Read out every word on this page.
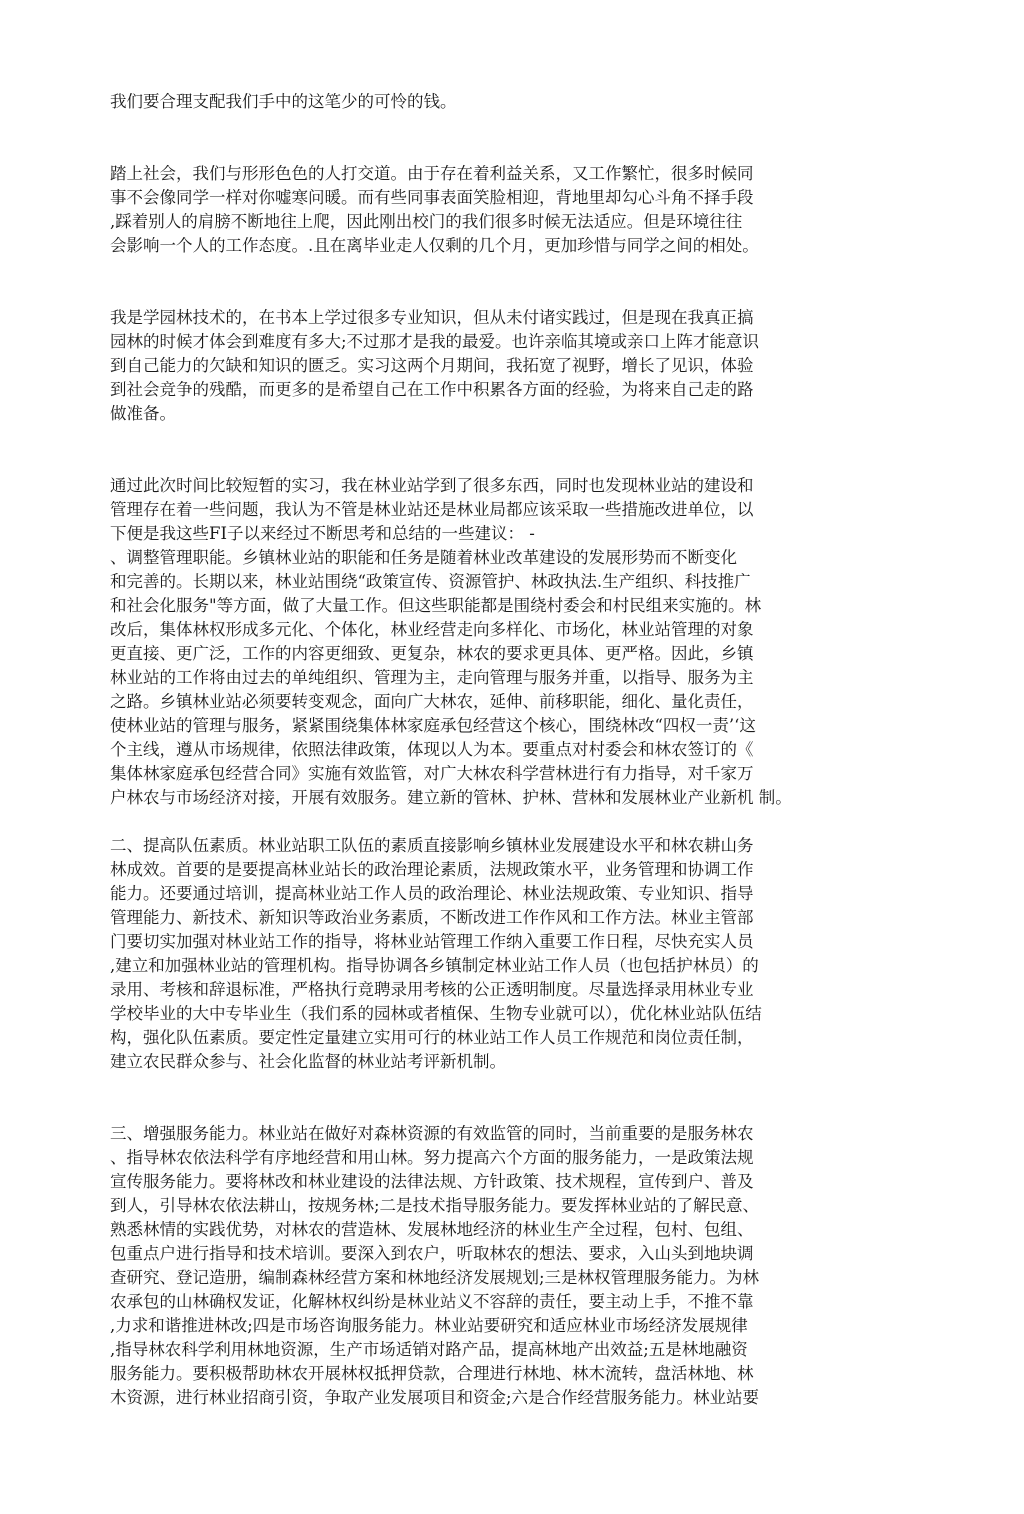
我们要合理支配我们手中的这笔少的可怜的钱。
踏上社会，我们与形形色色的人打交道。由于存在着利益关系，又工作繁忙，很多时候同
事不会像同学一样对你嘘寒问暖。而有些同事表面笑脸相迎，背地里却勾心斗角不择手段
,踩着别人的肩膀不断地往上爬，因此刚出校门的我们很多时候无法适应。但是环境往往
会影响一个人的工作态度。.且在离毕业走人仅剩的几个月，更加珍惜与同学之间的相处。
我是学园林技术的，在书本上学过很多专业知识，但从未付诸实践过，但是现在我真正搞
园林的时候才体会到难度有多大;不过那才是我的最爱。也许亲临其境或亲口上阵才能意识
到自己能力的欠缺和知识的匮乏。实习这两个月期间，我拓宽了视野，增长了见识，体验
到社会竞争的残酷，而更多的是希望自己在工作中积累各方面的经验，为将来自己走的路
做准备。
通过此次时间比较短暂的实习，我在林业站学到了很多东西，同时也发现林业站的建设和
管理存在着一些问题，我认为不管是林业站还是林业局都应该采取一些措施改进单位，以
下便是我这些FI子以来经过不断思考和总结的一些建议： -
、调整管理职能。乡镇林业站的职能和任务是随着林业改革建设的发展形势而不断变化
和完善的。长期以来，林业站围绕“政策宣传、资源管护、林政执法.生产组织、科技推广
和社会化服务"等方面，做了大量工作。但这些职能都是围绕村委会和村民组来实施的。林
改后，集体林权形成多元化、个体化，林业经营走向多样化、市场化，林业站管理的对象
更直接、更广泛，工作的内容更细致、更复杂，林农的要求更具体、更严格。因此，乡镇
林业站的工作将由过去的单纯组织、管理为主，走向管理与服务并重，以指导、服务为主
之路。乡镇林业站必须要转变观念，面向广大林农，延伸、前移职能，细化、量化责任，
使林业站的管理与服务，紧紧围绕集体林家庭承包经营这个核心，围绕林改“四权一责’‘这
个主线，遵从市场规律，依照法律政策，体现以人为本。要重点对村委会和林农签订的《
集体林家庭承包经营合同》实施有效监管，对广大林农科学营林进行有力指导，对千家万
户林农与市场经济对接，开展有效服务。建立新的管林、护林、营林和发展林业产业新机 制。
二、提高队伍素质。林业站职工队伍的素质直接影响乡镇林业发展建设水平和林农耕山务
林成效。首要的是要提高林业站长的政治理论素质，法规政策水平，业务管理和协调工作
能力。还要通过培训，提高林业站工作人员的政治理论、林业法规政策、专业知识、指导
管理能力、新技术、新知识等政治业务素质，不断改进工作作风和工作方法。林业主管部
门要切实加强对林业站工作的指导，将林业站管理工作纳入重要工作日程，尽快充实人员
,建立和加强林业站的管理机构。指导协调各乡镇制定林业站工作人员（也包括护林员）的
录用、考核和辞退标准，严格执行竞聘录用考核的公正透明制度。尽量选择录用林业专业
学校毕业的大中专毕业生（我们系的园林或者植保、生物专业就可以），优化林业站队伍结
构，强化队伍素质。要定性定量建立实用可行的林业站工作人员工作规范和岗位责任制，
建立农民群众参与、社会化监督的林业站考评新机制。
三、增强服务能力。林业站在做好对森林资源的有效监管的同时，当前重要的是服务林农
、指导林农依法科学有序地经营和用山林。努力提高六个方面的服务能力，一是政策法规
宣传服务能力。要将林改和林业建设的法律法规、方针政策、技术规程，宣传到户、普及
到人，引导林农依法耕山，按规务林;二是技术指导服务能力。要发挥林业站的了解民意、
熟悉林情的实践优势，对林农的营造林、发展林地经济的林业生产全过程，包村、包组、
包重点户进行指导和技术培训。要深入到农户，听取林农的想法、要求，入山头到地块调
查研究、登记造册，编制森林经营方案和林地经济发展规划;三是林权管理服务能力。为林
农承包的山林确权发证，化解林权纠纷是林业站义不容辞的责任，要主动上手，不推不靠
,力求和谐推进林改;四是市场咨询服务能力。林业站要研究和适应林业市场经济发展规律
,指导林农科学利用林地资源，生产市场适销对路产品，提高林地产出效益;五是林地融资
服务能力。要积极帮助林农开展林权抵押贷款，合理进行林地、林木流转，盘活林地、林
木资源，进行林业招商引资，争取产业发展项目和资金;六是合作经营服务能力。林业站要
